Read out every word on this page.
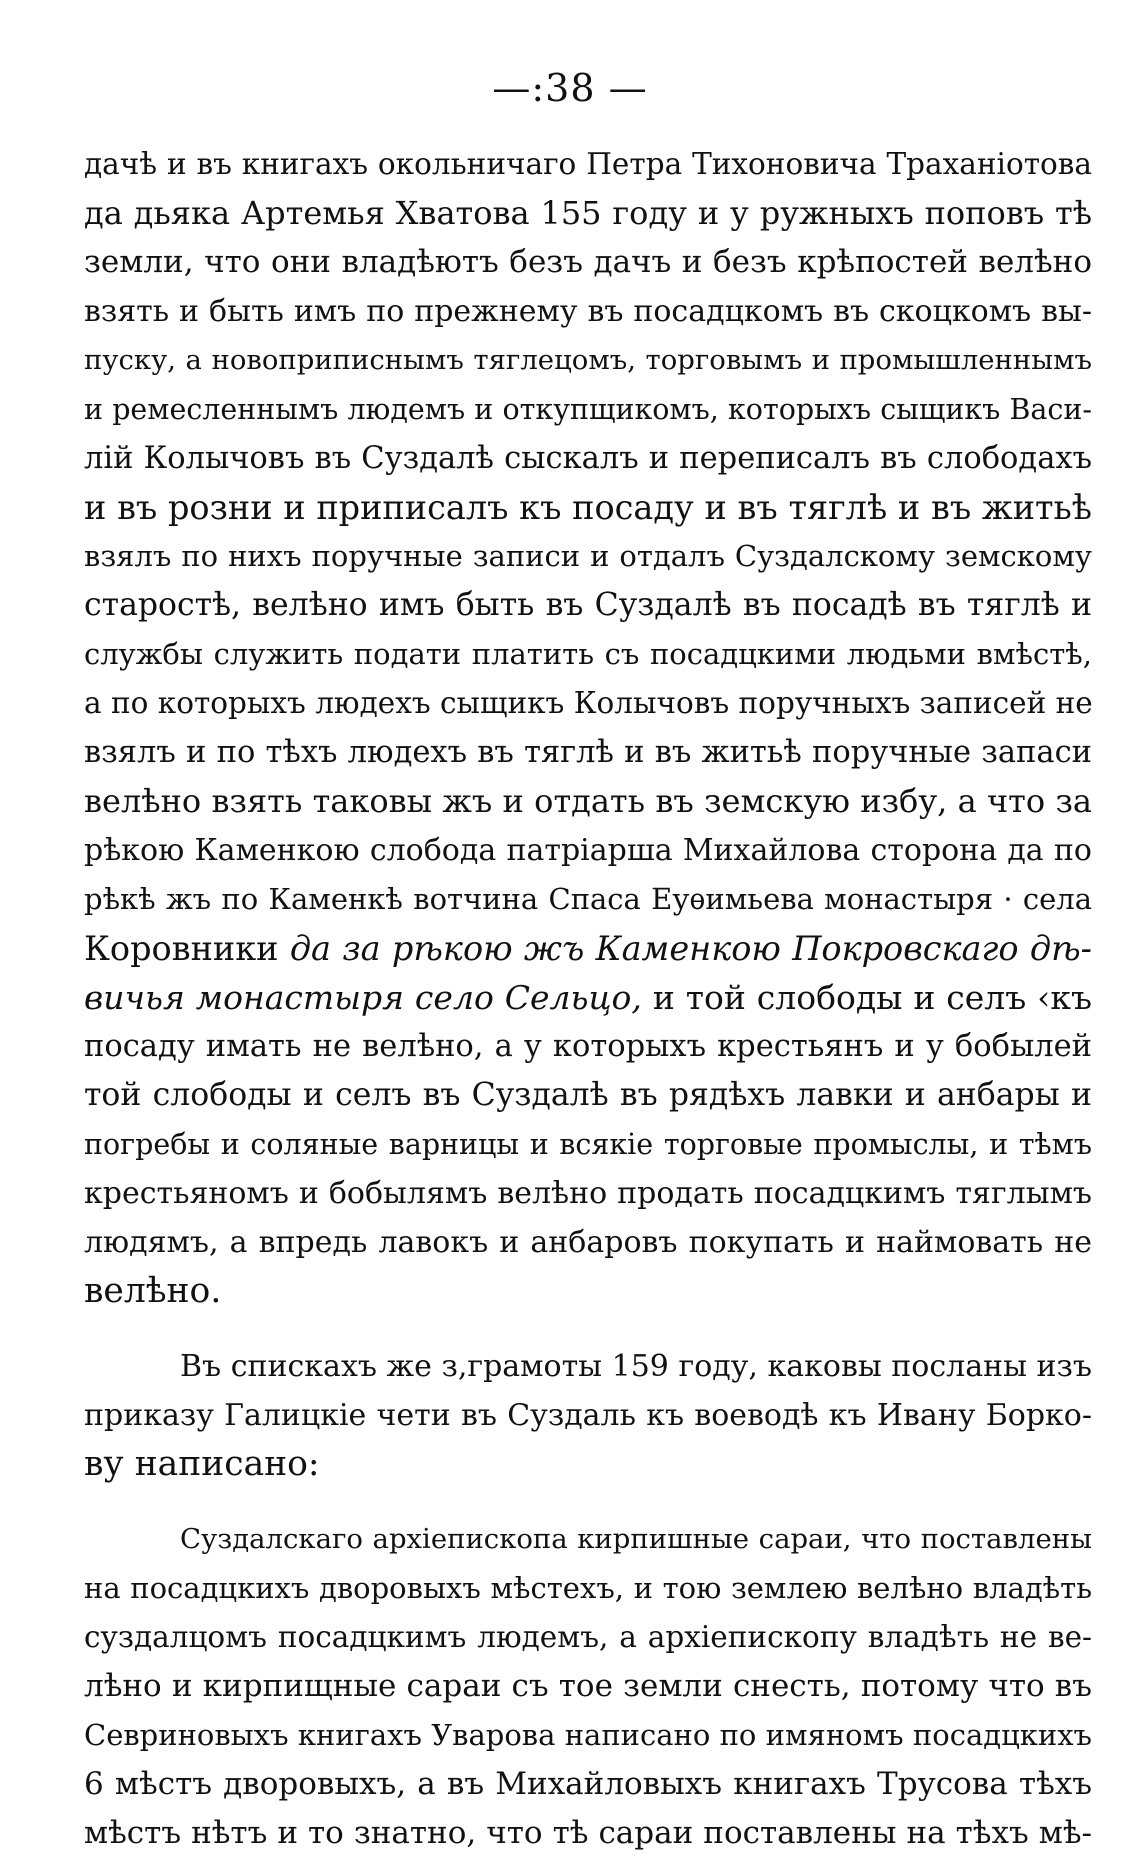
—:38 —
дачѣ и въ книгахъ окольничаго Петра Тихоновича Траханіотова
да дьяка Артемья Хватова 155 году и у ружныхъ поповъ тѣ
земли, что они владѣютъ безъ дачъ и безъ крѣпостей велѣно
взять и быть имъ по прежнему въ посадцкомъ въ скоцкомъ вы-
пуску, а новоприписнымъ тяглецомъ, торговымъ и промышленнымъ
и ремесленнымъ людемъ и откупщикомъ, которыхъ сыщикъ Васи-
лій Колычовъ въ Суздалѣ сыскалъ и переписалъ въ слободахъ
и въ розни и приписалъ къ посаду и въ тяглѣ и въ житьѣ
взялъ по нихъ поручные записи и отдалъ Суздалскому земскому
старостѣ, велѣно имъ быть въ Суздалѣ въ посадѣ въ тяглѣ и
службы служить подати платить съ посадцкими людьми вмѣстѣ,
а по которыхъ людехъ сыщикъ Колычовъ поручныхъ записей не
взялъ и по тѣхъ людехъ въ тяглѣ и въ житьѣ поручные запаси
велѣно взять таковы жъ и отдать въ земскую избу, а что за
рѣкою Каменкою слобода патріарша Михайлова сторона да по
рѣкѣ жъ по Каменкѣ вотчина Спаса Еуѳимьева монастыря · села
Коровники да за рѣкою жъ Каменкою Покровскаго дѣ-
вичья монастыря село Сельцо, и той слободы и селъ ‹къ
посаду имать не велѣно, а у которыхъ крестьянъ и у бобылей
той слободы и селъ въ Суздалѣ въ рядѣхъ лавки и анбары и
погребы и соляные варницы и всякіе торговые промыслы, и тѣмъ
крестьяномъ и бобылямъ велѣно продать посадцкимъ тяглымъ
людямъ, а впредь лавокъ и анбаровъ покупать и наймовать не
велѣно.
Въ спискахъ же з,грамоты 159 году, каковы посланы изъ
приказу Галицкіе чети въ Суздаль къ воеводѣ къ Ивану Борко-
ву написано:
Суздалскаго архіепископа кирпишные сараи, что поставлены
на посадцкихъ дворовыхъ мѣстехъ, и тою землею велѣно владѣть
суздалцомъ посадцкимъ людемъ, а архіепископу владѣть не ве-
лѣно и кирпищные сараи съ тое земли снесть, потому что въ
Севриновыхъ книгахъ Уварова написано по имяномъ посадцкихъ
6 мѣстъ дворовыхъ, а въ Михайловыхъ книгахъ Трусова тѣхъ
мѣстъ нѣтъ и то знатно, что тѣ сараи поставлены на тѣхъ мѣ-
